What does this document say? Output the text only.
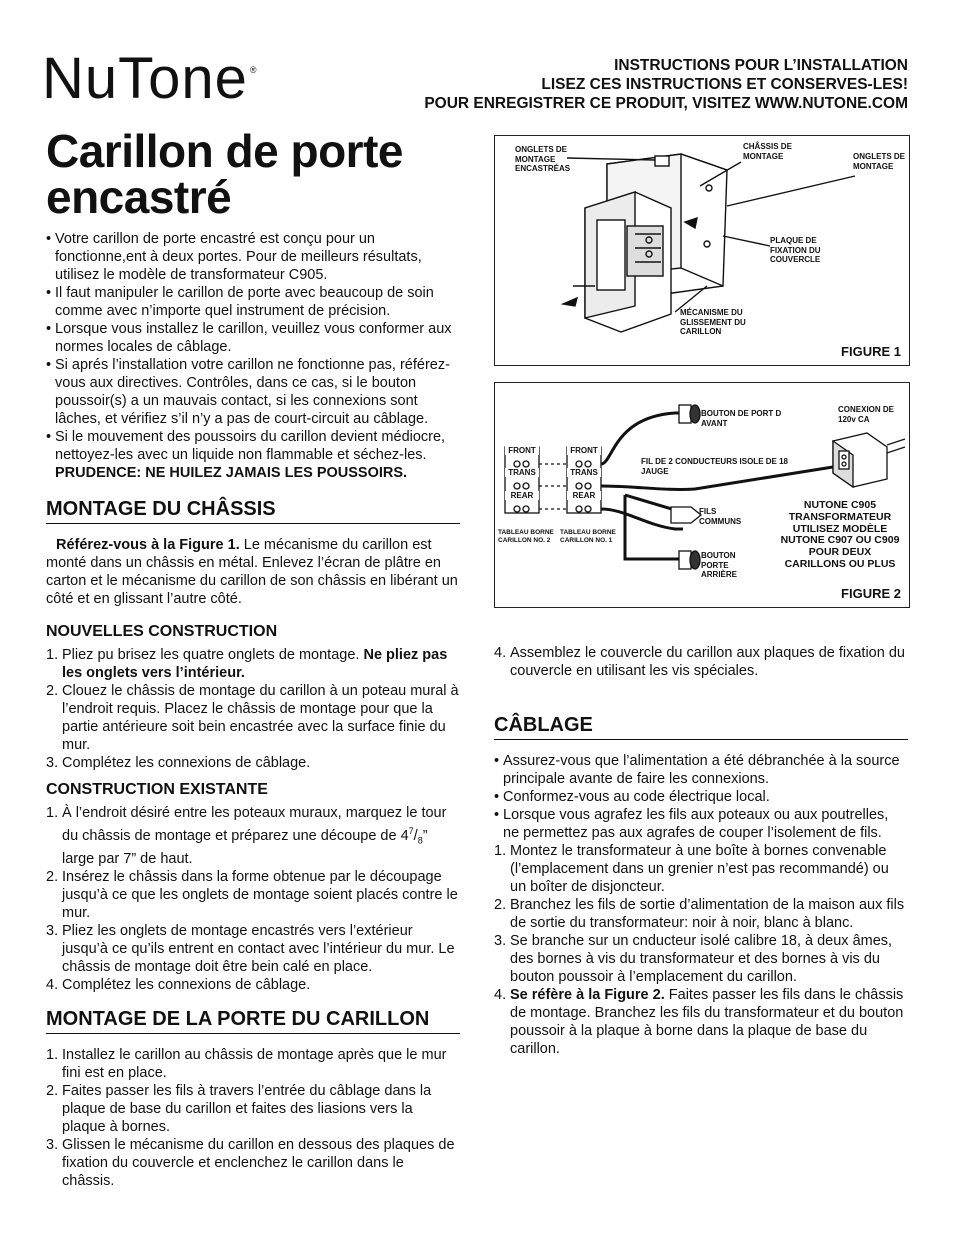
NuTone ®	INSTRUCTIONS POUR L’INSTALLATION
LISEZ CES INSTRUCTIONS ET CONSERVES-LES!
POUR ENREGISTRER CE PRODUIT, VISITEZ WWW.NUTONE.COM
Carillon de porte encastré
• Votre carillon de porte encastré est conçu pour un fonctionne,ent à deux portes. Pour de meilleurs résultats, utilisez le modèle de transformateur C905.
• Il faut manipuler le carillon de porte avec beaucoup de soin comme avec n’importe quel instrument de précision.
• Lorsque vous installez le carillon, veuillez vous conformer aux normes locales de câblage.
• Si aprés l’installation votre carillon ne fonctionne pas, référez-vous aux directives. Contrôles, dans ce cas, si le bouton poussoir(s) a un mauvais contact, si les connexions sont lâches, et vérifiez s’il n’y a pas de court-circuit au câblage.
• Si le mouvement des poussoirs du carillon devient médiocre, nettoyez-les avec un liquide non flammable et séchez-les. PRUDENCE: NE HUILEZ JAMAIS LES POUSSOIRS.
MONTAGE DU CHÂSSIS

Référez-vous à la Figure 1. Le mécanisme du carillon est monté dans un châssis en métal. Enlevez l’écran de plâtre en carton et le mécanisme du carillon de son châssis en libérant un côté et en glissant l’autre côté.

NOUVELLES CONSTRUCTION
1. Pliez pu brisez les quatre onglets de montage. Ne pliez pas les onglets vers l’intérieur.
2. Clouez le châssis de montage du carillon à un poteau mural à l’endroit requis. Placez le châssis de montage pour que la partie antérieure soit bein encastrée avec la surface finie du mur.
3. Complétez les connexions de câblage.
CONSTRUCTION EXISTANTE
1. À l’endroit désiré entre les poteaux muraux, marquez le tour du châssis de montage et préparez une découpe de $4^7/_8$” large par 7” de haut.
2. Insérez le châssis dans la forme obtenue par le découpage jusqu’à ce que les onglets de montage soient placés contre le mur.
3. Pliez les onglets de montage encastrés vers l’extérieur jusqu’à ce qu’ils entrent en contact avec l’intérieur du mur. Le châssis de montage doit être bein calé en place.
4. Complétez les connexions de câblage.
MONTAGE DE LA PORTE DU CARILLON
1. Installez le carillon au châssis de montage après que le mur fini est en place.
2. Faites passer les fils à travers l’entrée du câblage dans la plaque de base du carillon et faites des liasions vers la plaque à bornes.
3. Glissen le mécanisme du carillon en dessous des plaques de fixation du couvercle et enclenchez le carillon dans le châssis.
ONGLETS DE MONTAGE ENCASTRÉAS
CHÂSSIS DE MONTAGE	ONGLETS DE MONTAGE
PLAQUE DE FIXATION DU COUVERCLE
MÉCANISME DU GLISSEMENT DU CARILLON
FIGURE 1
FRONT
TRANS
REAR
FRONT
TRANS
REAR
TABLEAU BORNE CARILLON NO. 2
TABLEAU BORNE CARILLON NO. 1
BOUTON DE PORT D AVANT
CONEXION DE 120v CA
FIL DE 2 CONDUCTEURS ISOLE DE 18 JAUGE
FILS COMMUNS
BOUTON PORTE ARRIÈRE
NUTONE C905 TRANSFORMATEUR UTILISEZ MODÈLE NUTONE C907 OU C909 POUR DEUX CARILLONS OU PLUS
FIGURE 2
4. Assemblez le couvercle du carillon aux plaques de fixation du couvercle en utilisant les vis spéciales.
CÂBLAGE
• Assurez-vous que l’alimentation a été débranchée à la source principale avante de faire les connexions.
• Conformez-vous au code électrique local.
• Lorsque vous agrafez les fils aux poteaux ou aux poutrelles, ne permettez pas aux agrafes de couper l’isolement de fils.
1. Montez le transformateur à une boîte à bornes convenable (l’emplacement dans un grenier n’est pas recommandé) ou un boîter de disjoncteur.
2. Branchez les fils de sortie d’alimentation de la maison aux fils de sortie du transformateur: noir à noir, blanc à blanc.
3. Se branche sur un cnducteur isolé calibre 18, à deux âmes, des bornes à vis du transformateur et des bornes à vis du bouton poussoir à l’emplacement du carillon.
4. Se réfère à la Figure 2. Faites passer les fils dans le châssis de montage. Branchez les fils du transformateur et du bouton poussoir à la plaque à borne dans la plaque de base du carillon.
